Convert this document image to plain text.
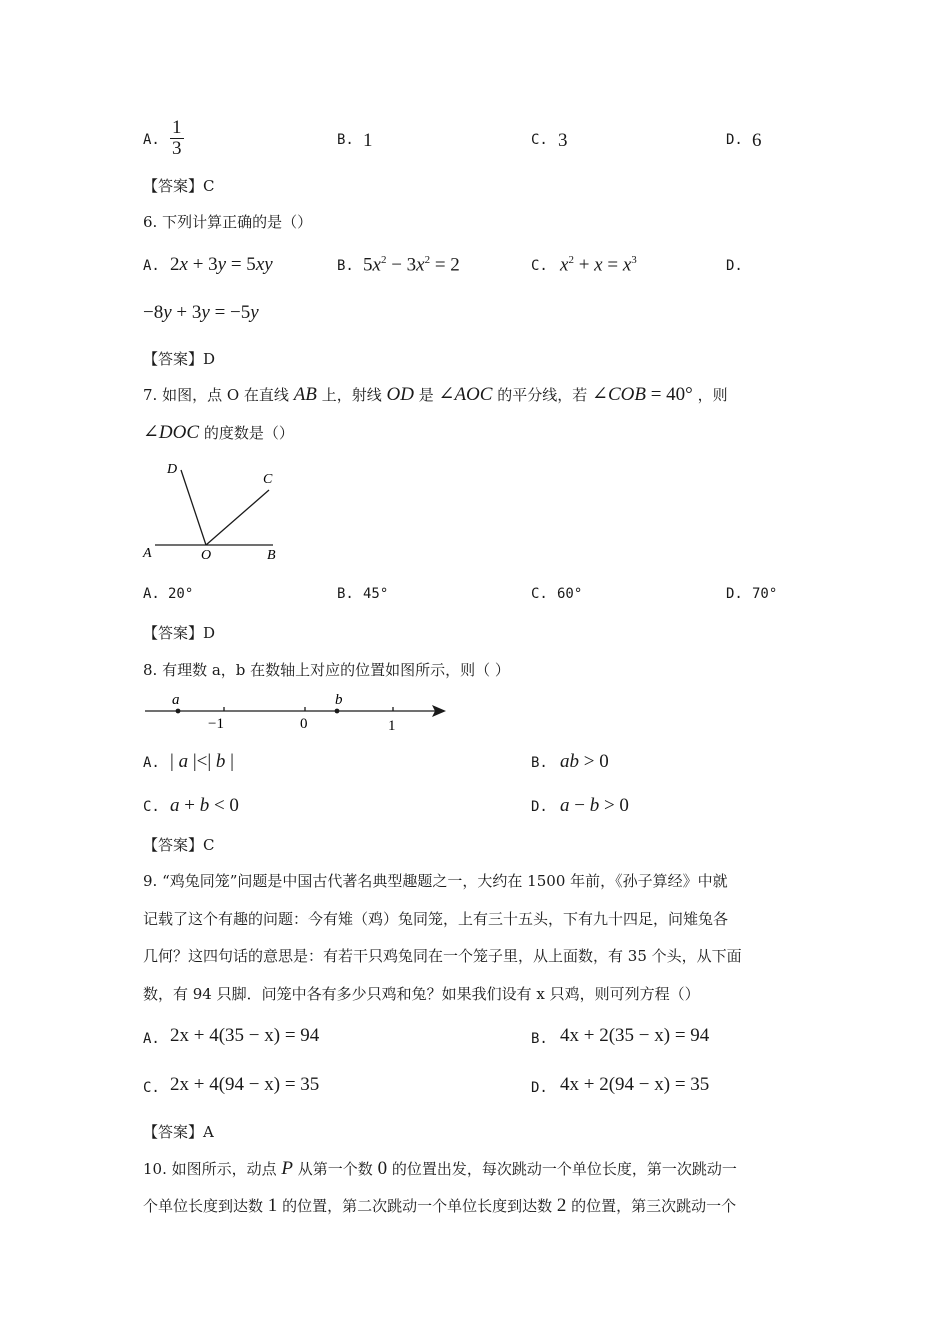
A. $\frac{1}{3}$	B. 1	C. 3	D. 6
【答案】C
6. 下列计算正确的是（）
A. 2x + 3y = 5xy	B. $5x^2 - 3x^2 = 2$	C. $x^2 + x = x^3$	D.
−8y + 3y = −5y
【答案】D
7. 如图，点 O 在直线 AB 上，射线 OD 是 ∠AOC 的平分线，若 ∠COB = 40° ，则
∠DOC 的度数是（）
D
C
A	O	B
A. 20°	B. 45°	C. 60°	D. 70°
【答案】D
8. 有理数 a，b 在数轴上对应的位置如图所示，则（ ）
a	b
−1	0	1
A. | a |<| b |	B. ab > 0
C. a + b < 0	D. a − b > 0
【答案】C
9. “鸡兔同笼”问题是中国古代著名典型趣题之一，大约在 1500 年前，《孙子算经》中就
记载了这个有趣的问题：今有雉（鸡）兔同笼，上有三十五头，下有九十四足，问雉兔各
几何？这四句话的意思是：有若干只鸡兔同在一个笼子里，从上面数，有 35 个头，从下面
数，有 94 只脚．问笼中各有多少只鸡和兔？如果我们设有 x 只鸡，则可列方程（）
A. 2x + 4(35 − x) = 94	B. 4x + 2(35 − x) = 94
C. 2x + 4(94 − x) = 35	D. 4x + 2(94 − x) = 35
【答案】A
10. 如图所示，动点 P 从第一个数 0 的位置出发，每次跳动一个单位长度，第一次跳动一
个单位长度到达数 1 的位置，第二次跳动一个单位长度到达数 2 的位置，第三次跳动一个
